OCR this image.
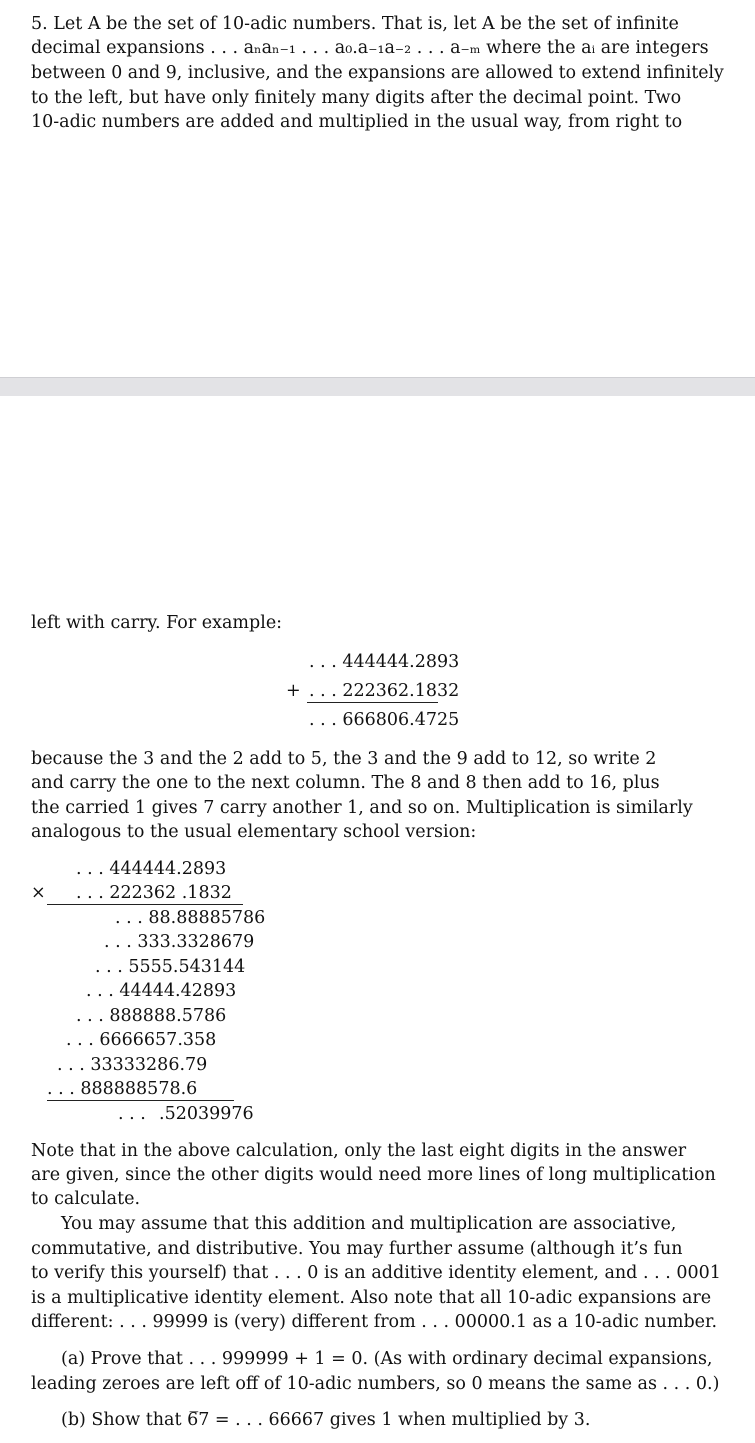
5. Let A be the set of 10-adic numbers. That is, let A be the set of infinite
decimal expansions . . . aₙaₙ₋₁ . . . a₀.a₋₁a₋₂ . . . a₋ₘ where the aᵢ are integers
between 0 and 9, inclusive, and the expansions are allowed to extend infinitely
to the left, but have only finitely many digits after the decimal point. Two
10-adic numbers are added and multiplied in the usual way, from right to
left with carry. For example:
. . . 444444.2893
+ . . . 222362.1832
. . . 666806.4725
because the 3 and the 2 add to 5, the 3 and the 9 add to 12, so write 2
and carry the one to the next column. The 8 and 8 then add to 16, plus
the carried 1 gives 7 carry another 1, and so on. Multiplication is similarly
analogous to the usual elementary school version:
. . . 444444.2893
× . . . 222362 .1832
. . . 88.88885786
. . . 333.3328679
. . . 5555.543144
. . . 44444.42893
. . . 888888.5786
. . . 6666657.358
. . . 33333286.79
. . . 888888578.6
. . . .52039976
Note that in the above calculation, only the last eight digits in the answer
are given, since the other digits would need more lines of long multiplication
to calculate.
You may assume that this addition and multiplication are associative,
commutative, and distributive. You may further assume (although it’s fun
to verify this yourself) that . . . 0 is an additive identity element, and . . . 0001
is a multiplicative identity element. Also note that all 10-adic expansions are
different: . . . 99999 is (very) different from . . . 00000.1 as a 10-adic number.
(a) Prove that . . . 999999 + 1 = 0. (As with ordinary decimal expansions,
leading zeroes are left off of 10-adic numbers, so 0 means the same as . . . 0.)
(b) Show that 6̅7 = . . . 66667 gives 1 when multiplied by 3.
